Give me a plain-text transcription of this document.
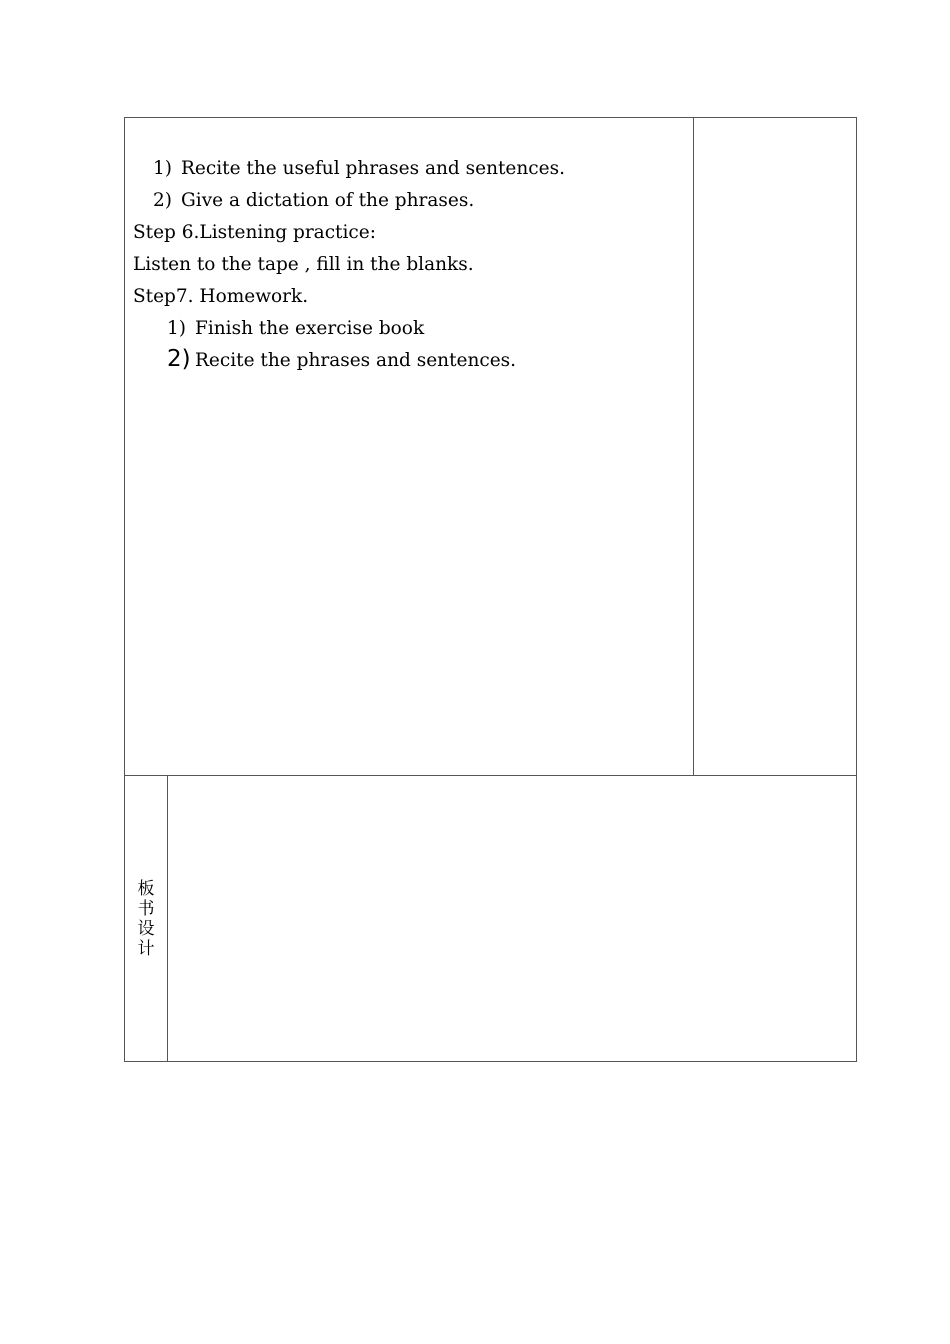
1) Recite the useful phrases and sentences.
2) Give a dictation of the phrases.
Step 6.Listening practice:
Listen to the tape , fill in the blanks.
Step7. Homework.
1) Finish the exercise book
2) Recite the phrases and sentences.
板
书
设
计
